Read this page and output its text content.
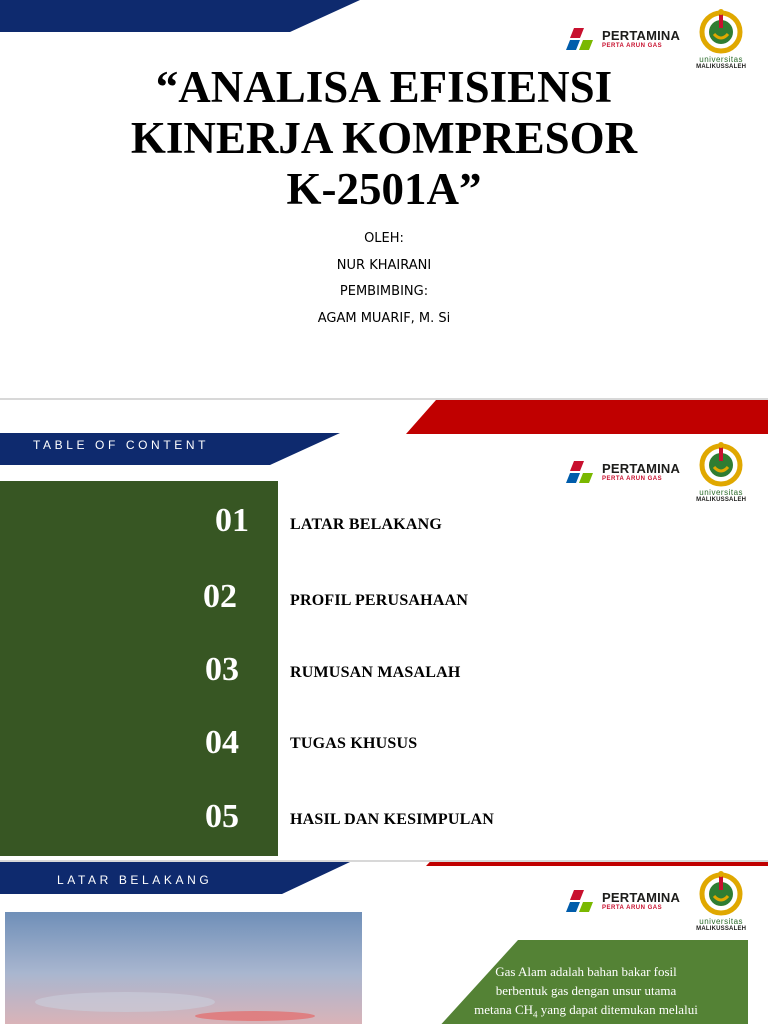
PERTAMINA
PERTA ARUN GAS
universitas
MALIKUSSALEH
“ANALISA EFISIENSI
KINERJA KOMPRESOR
K-2501A”
OLEH:
NUR KHAIRANI
PEMBIMBING:
AGAM MUARIF, M. Si
TABLE OF CONTENT
PERTAMINA
PERTA ARUN GAS
universitas
MALIKUSSALEH
01	LATAR BELAKANG
02	PROFIL PERUSAHAAN
03	RUMUSAN MASALAH
04	TUGAS KHUSUS
05	HASIL DAN KESIMPULAN
LATAR BELAKANG
PERTAMINA
PERTA ARUN GAS
universitas
MALIKUSSALEH
Gas Alam adalah bahan bakar fosil
berbentuk gas dengan unsur utama
metana $CH_4$ yang dapat ditemukan melalui
